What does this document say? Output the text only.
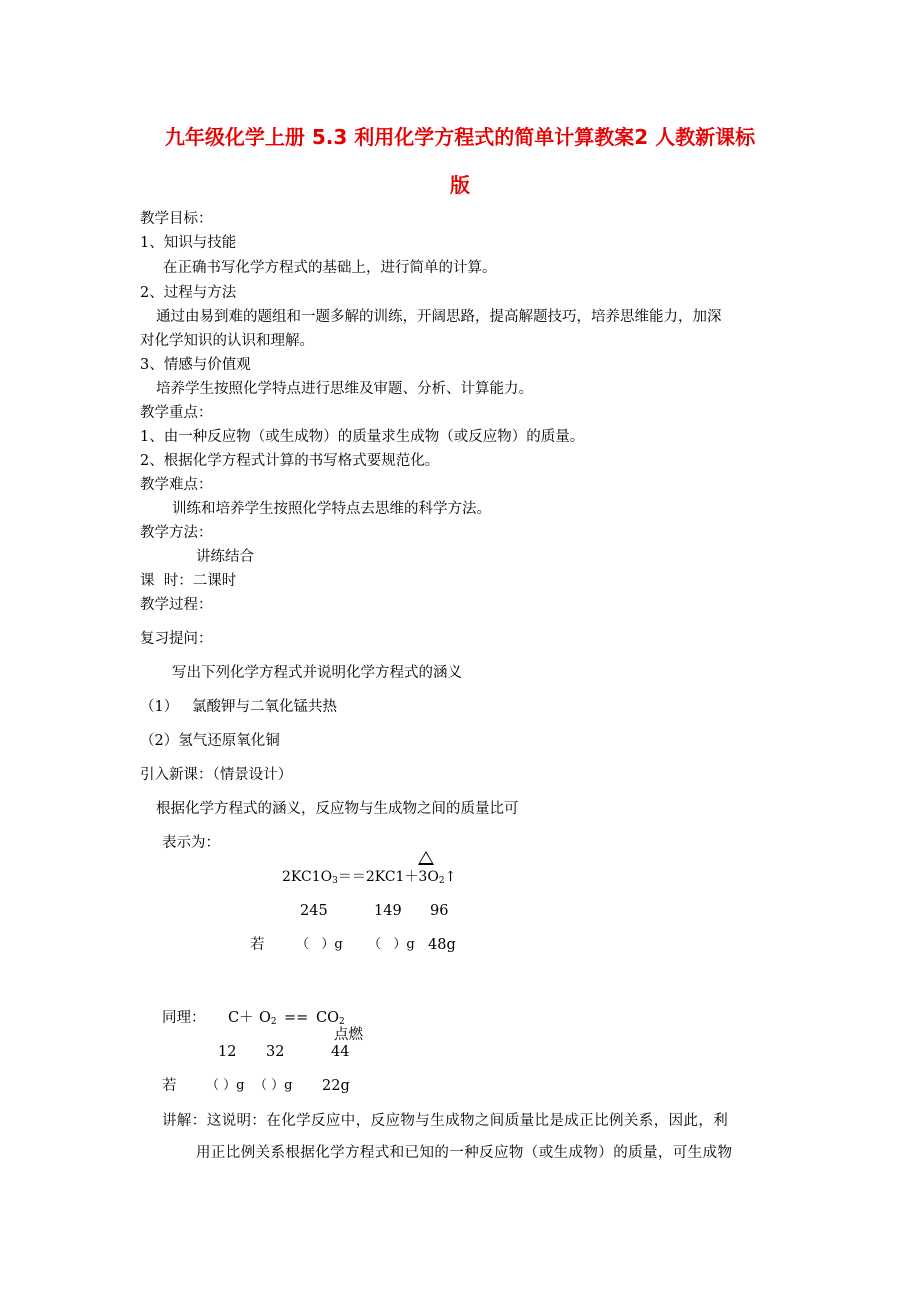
九年级化学上册 5.3 利用化学方程式的简单计算教案2 人教新课标
版
教学目标：
1、知识与技能
在正确书写化学方程式的基础上，进行简单的计算。
2、过程与方法
通过由易到难的题组和一题多解的训练，开阔思路，提高解题技巧，培养思维能力，加深
对化学知识的认识和理解。
3、情感与价值观
培养学生按照化学特点进行思维及审题、分析、计算能力。
教学重点：
1、由一种反应物（或生成物）的质量求生成物（或反应物）的质量。
2、根据化学方程式计算的书写格式要规范化。
教学难点：
训练和培养学生按照化学特点去思维的科学方法。
教学方法：
讲练结合
课  时：二课时
教学过程：
复习提问：
写出下列化学方程式并说明化学方程式的涵义
（1）   氯酸钾与二氧化锰共热
（2）氢气还原氧化铜
引入新课：（情景设计）
根据化学方程式的涵义，反应物与生成物之间的质量比可
表示为：
$2KC1O_3==2KC1+3O_2↑$
245	149 96
若 （   ）g （   ）g 48g
同理： $C+ O_2 == CO_2$
点燃
12 32	44
若 （ ）g （ ）g 22g
讲解：这说明：在化学反应中，反应物与生成物之间质量比是成正比例关系，因此，利
用正比例关系根据化学方程式和已知的一种反应物（或生成物）的质量，可生成物
